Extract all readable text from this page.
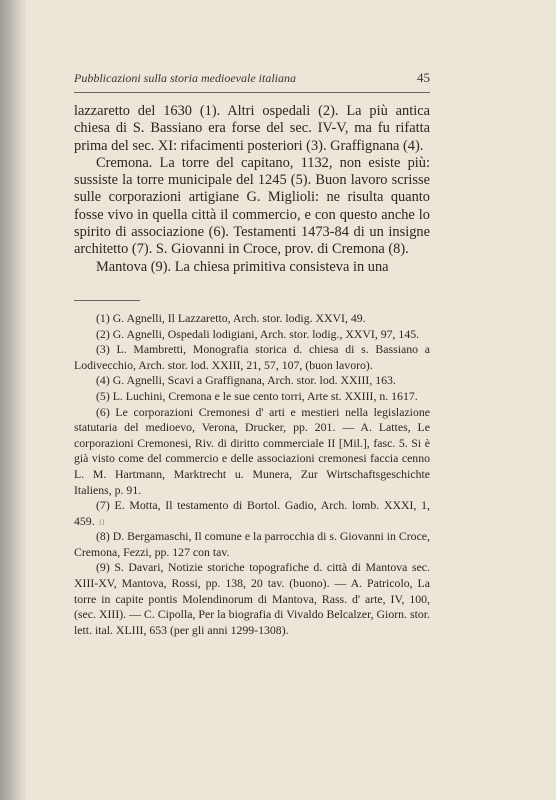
Pubblicazioni sulla storia medioevale italiana	45

lazzaretto del 1630 (1). Altri ospedali (2). La più antica chiesa di S. Bassiano era forse del sec. IV-V, ma fu rifatta prima del sec. XI: rifacimenti posteriori (3). Graffignana (4).

Cremona. La torre del capitano, 1132, non esiste più: sussiste la torre municipale del 1245 (5). Buon lavoro scrisse sulle corporazioni artigiane G. Miglioli: ne risulta quanto fosse vivo in quella città il commercio, e con questo anche lo spirito di associazione (6). Testamenti 1473-84 di un insigne architetto (7). S. Giovanni in Croce, prov. di Cremona (8).

Mantova (9). La chiesa primitiva consisteva in una

(1) G. Agnelli, Il Lazzaretto, Arch. stor. lodig. XXVI, 49.

(2) G. Agnelli, Ospedali lodigiani, Arch. stor. lodig., XXVI, 97, 145.

(3) L. Mambretti, Monografia storica d. chiesa di s. Bassiano a Lodivecchio, Arch. stor. lod. XXIII, 21, 57, 107, (buon lavoro).

(4) G. Agnelli, Scavi a Graffignana, Arch. stor. lod. XXIII, 163.

(5) L. Luchini, Cremona e le sue cento torri, Arte st. XXIII, n. 1617.

(6) Le corporazioni Cremonesi d' arti e mestieri nella legislazione statutaria del medioevo, Verona, Drucker, pp. 201. — A. Lattes, Le corporazioni Cremonesi, Riv. di diritto commerciale II [Mil.], fasc. 5. Si è già visto come del commercio e delle associazioni cremonesi faccia cenno L. M. Hartmann, Marktrecht u. Munera, Zur Wirtschaftsgeschichte Italiens, p. 91.

(7) E. Motta, Il testamento di Bortol. Gadio, Arch. lomb. XXXI, 1, 459. ıı

(8) D. Bergamaschi, Il comune e la parrocchia di s. Giovanni in Croce, Cremona, Fezzi, pp. 127 con tav.

(9) S. Davari, Notizie storiche topografiche d. città di Mantova sec. XIII-XV, Mantova, Rossi, pp. 138, 20 tav. (buono). — A. Patricolo, La torre in capite pontis Molendinorum di Mantova, Rass. d' arte, IV, 100, (sec. XIII). — C. Cipolla, Per la biografia di Vivaldo Belcalzer, Giorn. stor. lett. ital. XLIII, 653 (per gli anni 1299-1308).
